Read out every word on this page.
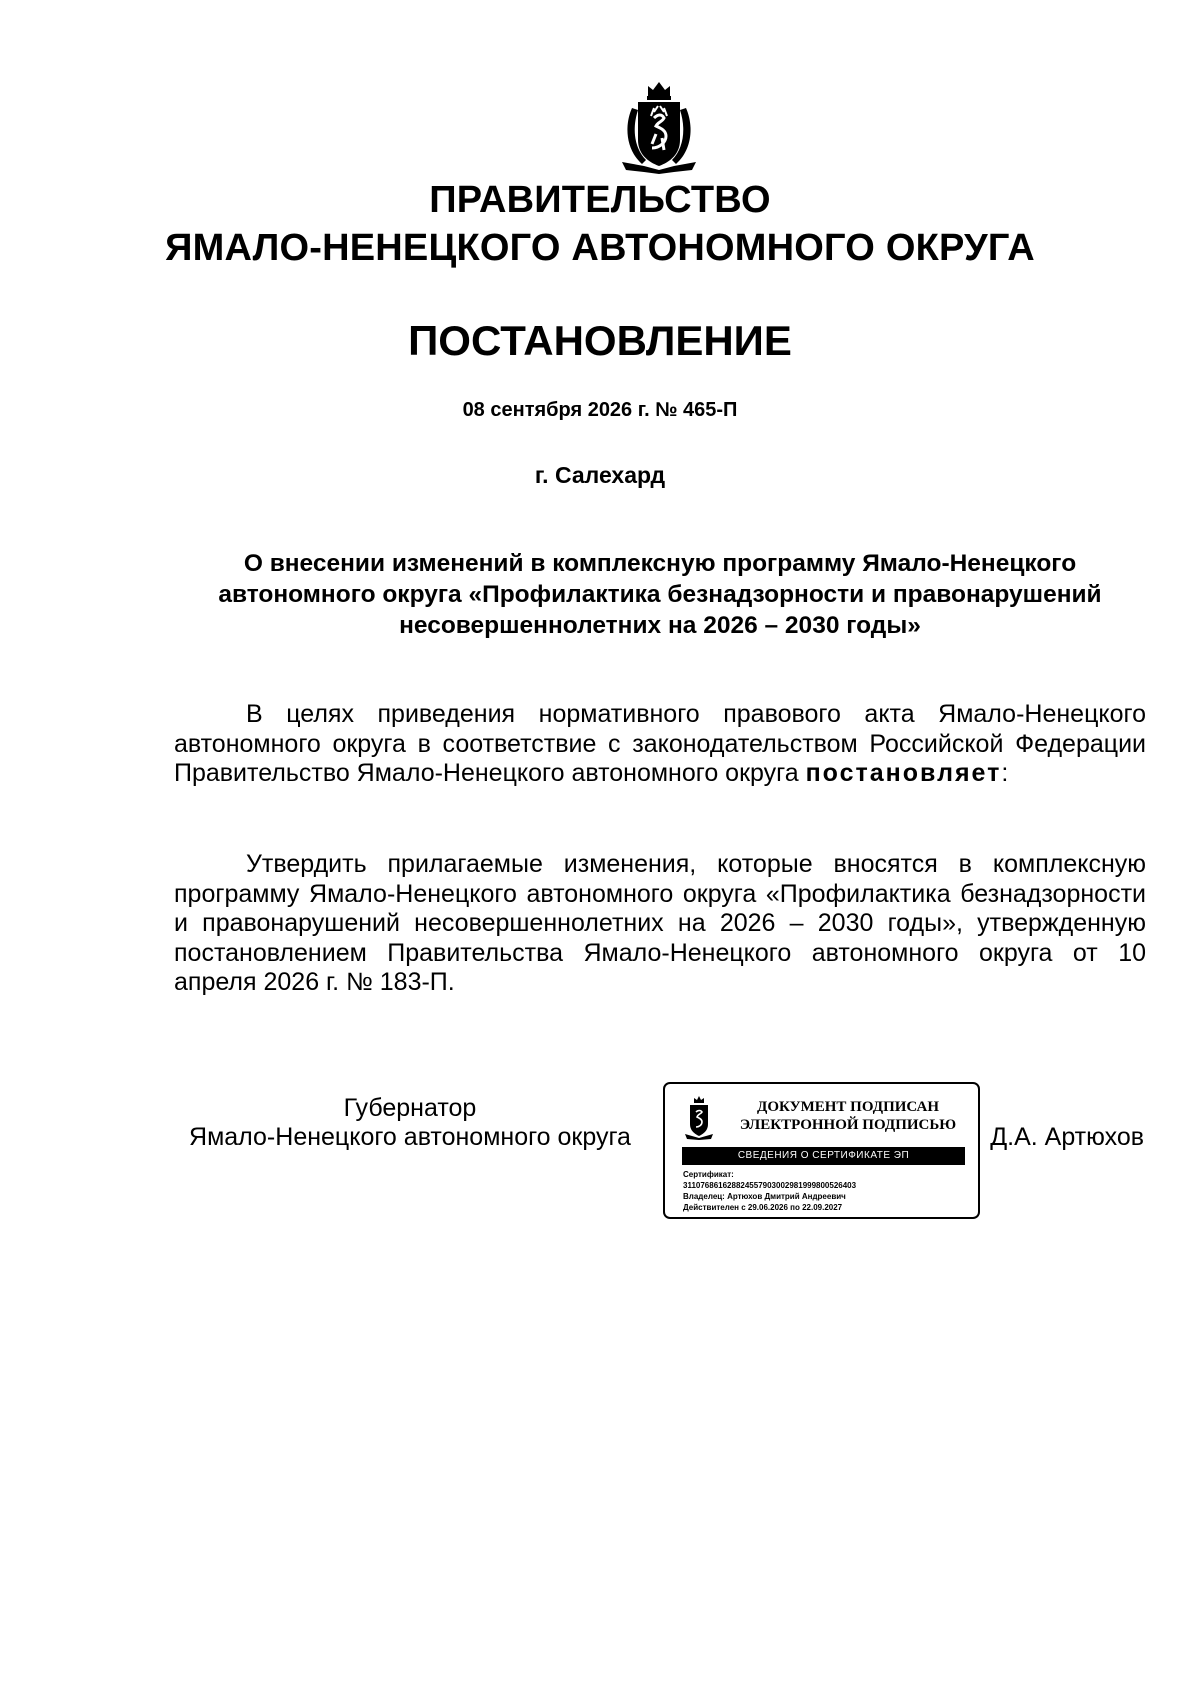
ПРАВИТЕЛЬСТВО
ЯМАЛО-НЕНЕЦКОГО АВТОНОМНОГО ОКРУГА
ПОСТАНОВЛЕНИЕ
08 сентября 2026 г. № 465-П
г. Салехард
О внесении изменений в комплексную программу Ямало-Ненецкого
автономного округа «Профилактика безнадзорности и правонарушений
несовершеннолетних на 2026 – 2030 годы»
В целях приведения нормативного правового акта Ямало-Ненецкого автономного округа в соответствие с законодательством Российской Федерации Правительство Ямало-Ненецкого автономного округа постановляет:
Утвердить прилагаемые изменения, которые вносятся в комплексную программу Ямало-Ненецкого автономного округа «Профилактика безнадзорности и правонарушений несовершеннолетних на 2026 – 2030 годы», утвержденную постановлением Правительства Ямало-Ненецкого автономного округа от 10 апреля 2026 г. № 183-П.
Губернатор
Ямало-Ненецкого автономного округа
ДОКУМЕНТ ПОДПИСАН
ЭЛЕКТРОННОЙ ПОДПИСЬЮ
СВЕДЕНИЯ О СЕРТИФИКАТЕ ЭП
Сертификат:
311076861628824557903002981999800526403
Владелец: Артюхов Дмитрий Андреевич
Действителен с 29.06.2026 по 22.09.2027
Д.А. Артюхов
